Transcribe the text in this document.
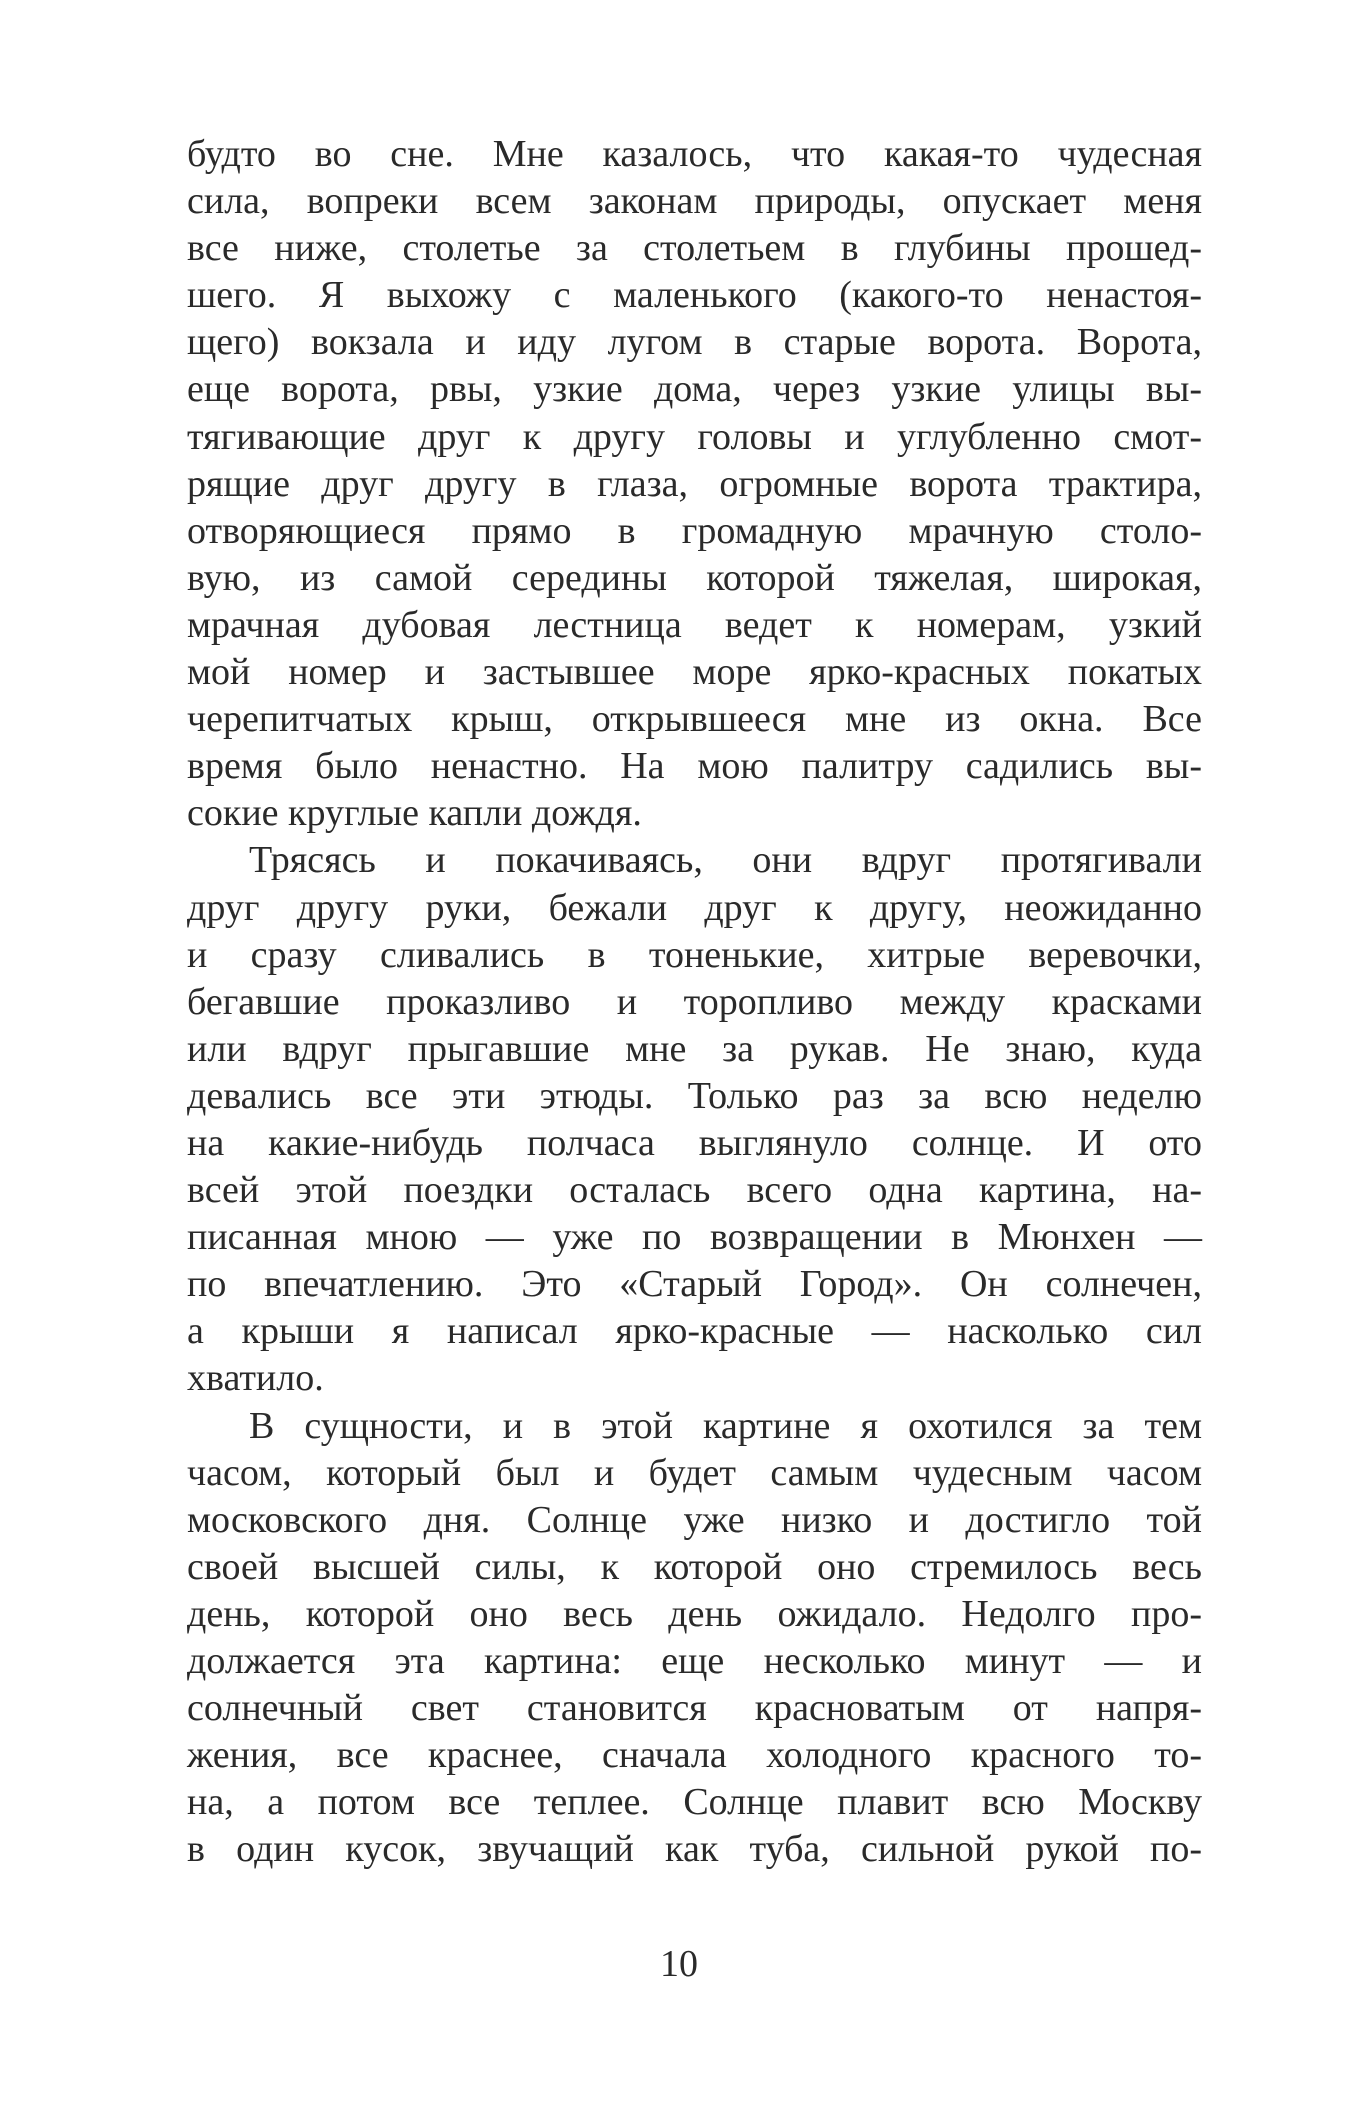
будто во сне. Мне казалось, что какая-то чудесная
сила, вопреки всем законам природы, опускает меня
все ниже, столетье за столетьем в глубины прошед-
шего. Я выхожу с маленького (какого-то ненастоя-
щего) вокзала и иду лугом в старые ворота. Ворота,
еще ворота, рвы, узкие дома, через узкие улицы вы-
тягивающие друг к другу головы и углубленно смот-
рящие друг другу в глаза, огромные ворота трактира,
отворяющиеся прямо в громадную мрачную столо-
вую, из самой середины которой тяжелая, широкая,
мрачная дубовая лестница ведет к номерам, узкий
мой номер и застывшее море ярко-красных покатых
черепитчатых крыш, открывшееся мне из окна. Все
время было ненастно. На мою палитру садились вы-
сокие круглые капли дождя.
Трясясь и покачиваясь, они вдруг протягивали
друг другу руки, бежали друг к другу, неожиданно
и сразу сливались в тоненькие, хитрые веревочки,
бегавшие проказливо и торопливо между красками
или вдруг прыгавшие мне за рукав. Не знаю, куда
девались все эти этюды. Только раз за всю неделю
на какие-нибудь полчаса выглянуло солнце. И ото
всей этой поездки осталась всего одна картина, на-
писанная мною — уже по возвращении в Мюнхен —
по впечатлению. Это «Старый Город». Он солнечен,
а крыши я написал ярко-красные — насколько сил
хватило.
В сущности, и в этой картине я охотился за тем
часом, который был и будет самым чудесным часом
московского дня. Солнце уже низко и достигло той
своей высшей силы, к которой оно стремилось весь
день, которой оно весь день ожидало. Недолго про-
должается эта картина: еще несколько минут — и
солнечный свет становится красноватым от напря-
жения, все краснее, сначала холодного красного то-
на, а потом все теплее. Солнце плавит всю Москву
в один кусок, звучащий как туба, сильной рукой по-
10
